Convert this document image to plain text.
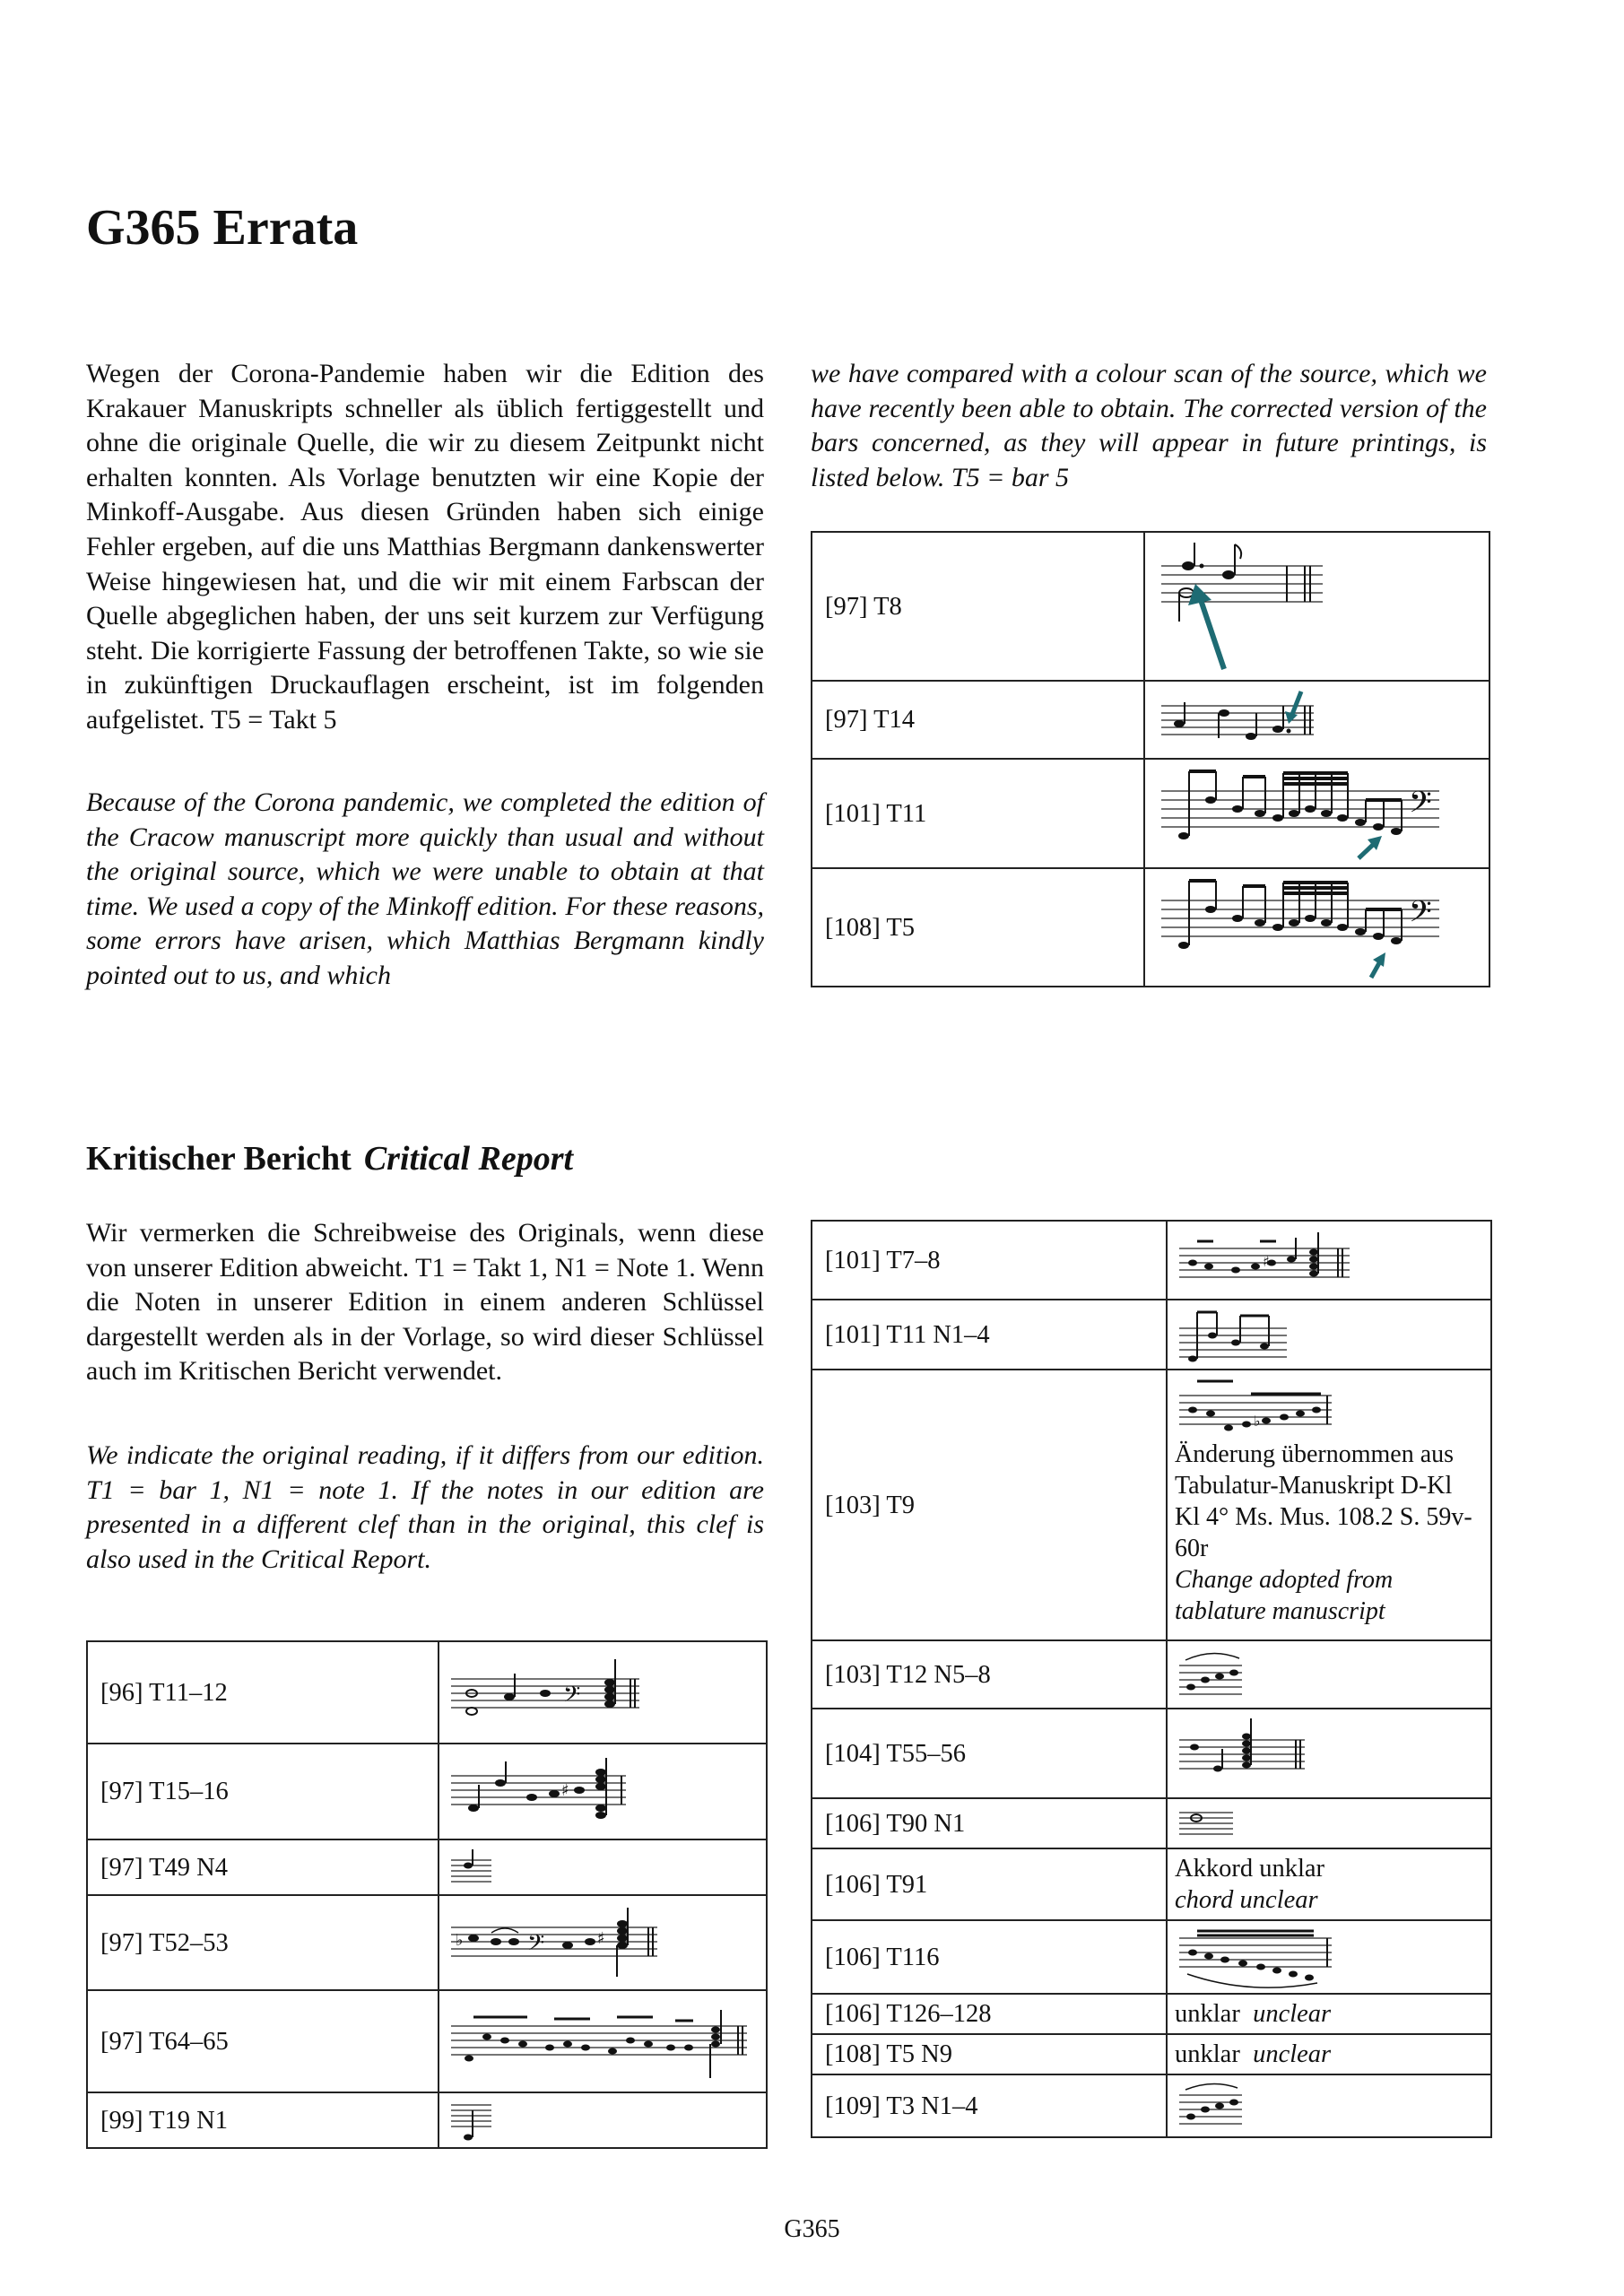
G365 Errata

Wegen der Corona-Pandemie haben wir die Edition des Krakauer Manuskripts schneller als üblich fertiggestellt und ohne die originale Quelle, die wir zu diesem Zeitpunkt nicht erhalten konnten. Als Vorlage benutzten wir eine Kopie der Minkoff-Ausgabe. Aus diesen Gründen haben sich einige Fehler ergeben, auf die uns Matthias Bergmann dankenswerter Weise hingewiesen hat, und die wir mit einem Farbscan der Quelle abgeglichen haben, der uns seit kurzem zur Verfügung steht. Die korrigierte Fassung der betroffenen Takte, so wie sie in zukünftigen Druckauflagen erscheint, ist im folgenden aufgelistet. T5 = Takt 5

Because of the Corona pandemic, we completed the edition of the Cracow manuscript more quickly than usual and without the original source, which we were unable to obtain at that time. We used a copy of the Minkoff edition. For these reasons, some errors have arisen, which Matthias Bergmann kindly pointed out to us, and which

we have compared with a colour scan of the source, which we have recently been able to obtain. The corrected version of the bars concerned, as they will appear in future printings, is listed below. T5 = bar 5

[97] T8	

[97] T14	

[101] T11	𝄢

[108] T5	𝄢
Kritischer Bericht Critical Report

Wir vermerken die Schreibweise des Originals, wenn diese von unserer Edition abweicht. T1 = Takt 1, N1 = Note 1. Wenn die Noten in unserer Edition in einem anderen Schlüssel dargestellt werden als in der Vorlage, so wird dieser Schlüssel auch im Kritischen Bericht verwendet.

We indicate the original reading, if it differs from our edition. T1 = bar 1, N1 = note 1. If the notes in our edition are presented in a different clef than in the original, this clef is also used in the Critical Report.

[96] T11–12	𝄢

[97] T15–16	♯

[97] T49 N4	

[97] T52–53	♭ 𝄢 ♯

[97] T64–65	

[99] T19 N1	
[101] T7–8	♯

[101] T11 N1–4	

[103] T9	♭
Änderung übernommen aus Tabulatur-Manuskript D-Kl Kl 4° Ms. Mus. 108.2 S. 59v-60r
Change adopted from tablature manuscript

[103] T12 N5–8	

[104] T55–56	

[106] T90 N1	

[106] T91	Akkord unklar
chord unclear
[106] T116	

[106] T126–128	unklar unclear
[108] T5 N9	unklar unclear
[109] T3 N1–4	
G365
